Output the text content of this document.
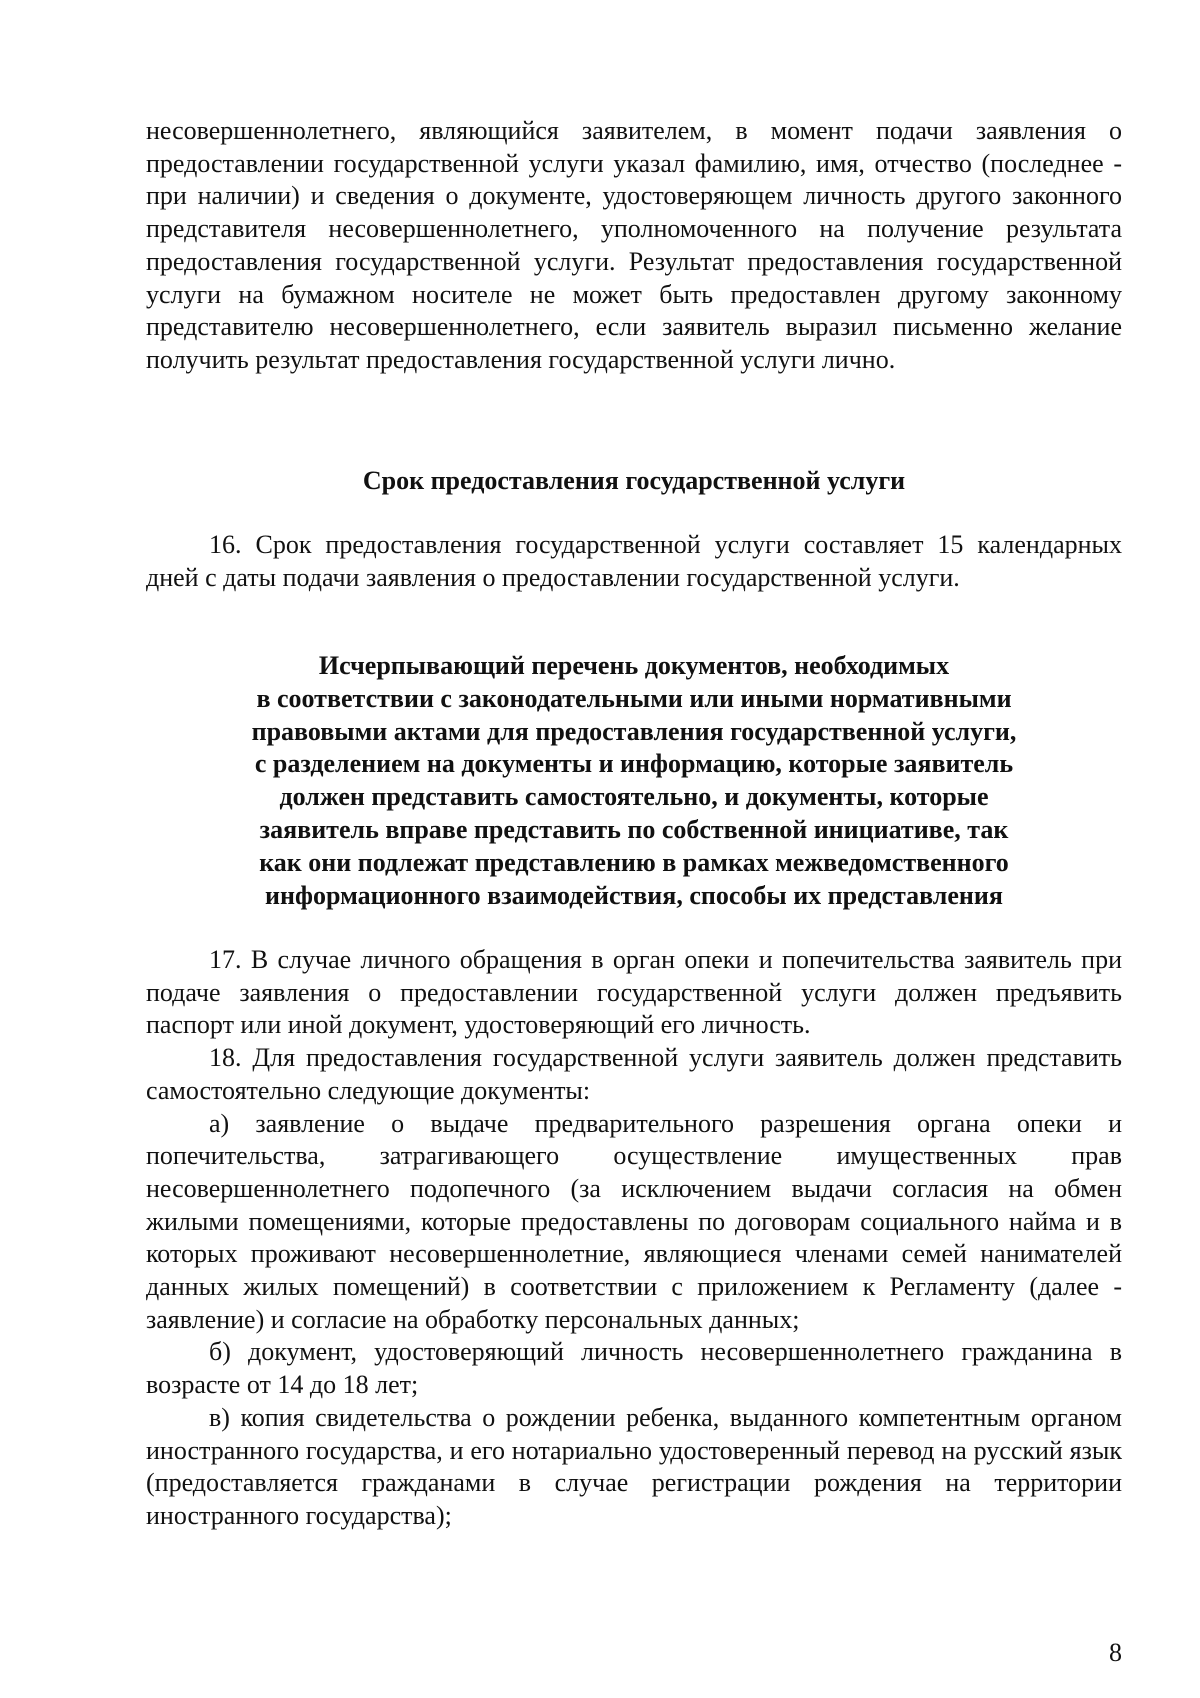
несовершеннолетнего, являющийся заявителем, в момент подачи заявления о предоставлении государственной услуги указал фамилию, имя, отчество (последнее - при наличии) и сведения о документе, удостоверяющем личность другого законного представителя несовершеннолетнего, уполномоченного на получение результата предоставления государственной услуги. Результат предоставления государственной услуги на бумажном носителе не может быть предоставлен другому законному представителю несовершеннолетнего, если заявитель выразил письменно желание получить результат предоставления государственной услуги лично.

Срок предоставления государственной услуги

16. Срок предоставления государственной услуги составляет 15 календарных дней с даты подачи заявления о предоставлении государственной услуги.

Исчерпывающий перечень документов, необходимых
в соответствии с законодательными или иными нормативными
правовыми актами для предоставления государственной услуги,
с разделением на документы и информацию, которые заявитель
должен представить самостоятельно, и документы, которые
заявитель вправе представить по собственной инициативе, так
как они подлежат представлению в рамках межведомственного
информационного взаимодействия, способы их представления

17. В случае личного обращения в орган опеки и попечительства заявитель при подаче заявления о предоставлении государственной услуги должен предъявить паспорт или иной документ, удостоверяющий его личность.

18. Для предоставления государственной услуги заявитель должен представить самостоятельно следующие документы:

а) заявление о выдаче предварительного разрешения органа опеки и попечительства, затрагивающего осуществление имущественных прав несовершеннолетнего подопечного (за исключением выдачи согласия на обмен жилыми помещениями, которые предоставлены по договорам социального найма и в которых проживают несовершеннолетние, являющиеся членами семей нанимателей данных жилых помещений) в соответствии с приложением к Регламенту (далее - заявление) и согласие на обработку персональных данных;

б) документ, удостоверяющий личность несовершеннолетнего гражданина в возрасте от 14 до 18 лет;

в) копия свидетельства о рождении ребенка, выданного компетентным органом иностранного государства, и его нотариально удостоверенный перевод на русский язык (предоставляется гражданами в случае регистрации рождения на территории иностранного государства);

8
